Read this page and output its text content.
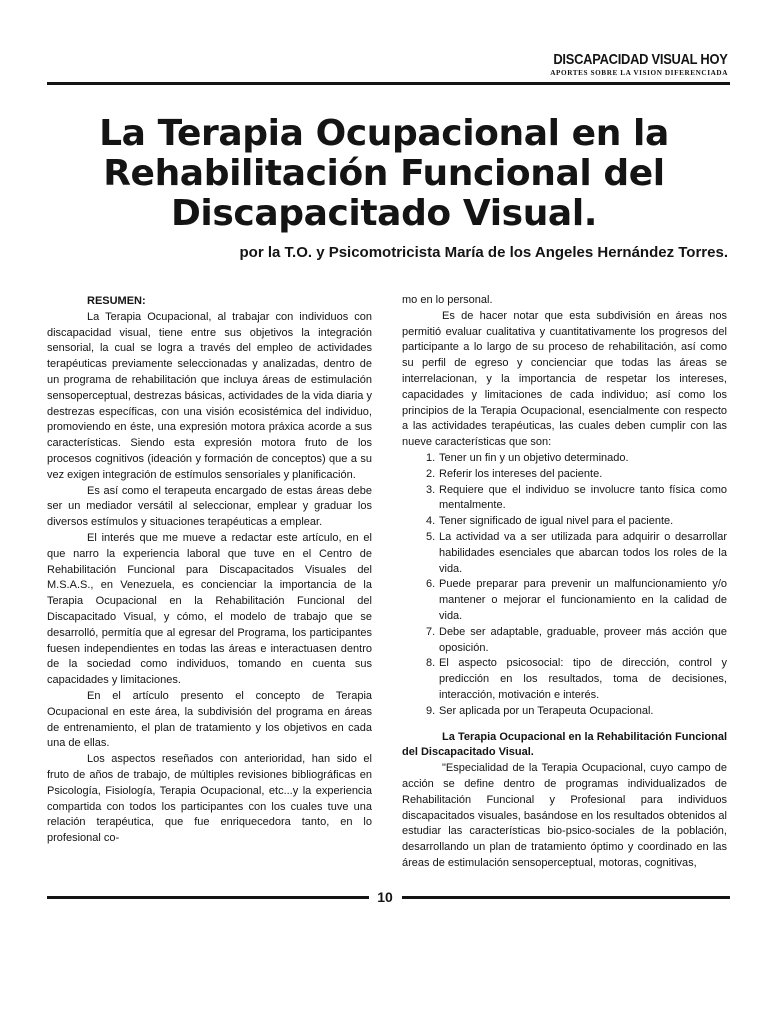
DISCAPACIDAD VISUAL HOY
APORTES SOBRE LA VISION DIFERENCIADA
La Terapia Ocupacional en la Rehabilitación Funcional del Discapacitado Visual.

por la T.O. y Psicomotricista María de los Angeles Hernández Torres.

RESUMEN:

La Terapia Ocupacional, al trabajar con individuos con discapacidad visual, tiene entre sus objetivos la integración sensorial, la cual se logra a través del empleo de actividades terapéuticas previamente seleccionadas y analizadas, dentro de un programa de rehabilitación que incluya áreas de estimulación sensoperceptual, destrezas básicas, actividades de la vida diaria y destrezas específicas, con una visión ecosistémica del individuo, promoviendo en éste, una expresión motora práxica acorde a sus características. Siendo esta expresión motora fruto de los procesos cognitivos (ideación y formación de conceptos) que a su vez exigen integración de estímulos sensoriales y planificación.

Es así como el terapeuta encargado de estas áreas debe ser un mediador versátil al seleccionar, emplear y graduar los diversos estímulos y situaciones terapéuticas a emplear.

El interés que me mueve a redactar este artículo, en el que narro la experiencia laboral que tuve en el Centro de Rehabilitación Funcional para Discapacitados Visuales del M.S.A.S., en Venezuela, es concienciar la importancia de la Terapia Ocupacional en la Rehabilitación Funcional del Discapacitado Visual, y cómo, el modelo de trabajo que se desarrolló, permitía que al egresar del Programa, los participantes fuesen independientes en todas las áreas e interactuasen dentro de la sociedad como individuos, tomando en cuenta sus capacidades y limitaciones.

En el artículo presento el concepto de Terapia Ocupacional en este área, la subdivisión del programa en áreas de entrenamiento, el plan de tratamiento y los objetivos en cada una de ellas.

Los aspectos reseñados con anterioridad, han sido el fruto de años de trabajo, de múltiples revisiones bibliográficas en Psicología, Fisiología, Terapia Ocupacional, etc...y la experiencia compartida con todos los participantes con los cuales tuve una relación terapéutica, que fue enriquecedora tanto, en lo profesional co-

mo en lo personal.

Es de hacer notar que esta subdivisión en áreas nos permitió evaluar cualitativa y cuantitativamente los progresos del participante a lo largo de su proceso de rehabilitación, así como su perfil de egreso y concienciar que todas las áreas se interrelacionan, y la importancia de respetar los intereses, capacidades y limitaciones de cada individuo; así como los principios de la Terapia Ocupacional, esencialmente con respecto a las actividades terapéuticas, las cuales deben cumplir con las nueve características que son:

1. Tener un fin y un objetivo determinado.
2. Referir los intereses del paciente.
3. Requiere que el individuo se involucre tanto física como mentalmente.
4. Tener significado de igual nivel para el paciente.
5. La actividad va a ser utilizada para adquirir o desarrollar habilidades esenciales que abarcan todos los roles de la vida.
6. Puede preparar para prevenir un malfuncionamiento y/o mantener o mejorar el funcionamiento en la calidad de vida.
7. Debe ser adaptable, graduable, proveer más acción que oposición.
8. El aspecto psicosocial: tipo de dirección, control y predicción en los resultados, toma de decisiones, interacción, motivación e interés.
9. Ser aplicada por un Terapeuta Ocupacional.

La Terapia Ocupacional en la Rehabilitación Funcional del Discapacitado Visual.

"Especialidad de la Terapia Ocupacional, cuyo campo de acción se define dentro de programas individualizados de Rehabilitación Funcional y Profesional para individuos discapacitados visuales, basándose en los resultados obtenidos al estudiar las características bio-psico-sociales de la población, desarrollando un plan de tratamiento óptimo y coordinado en las áreas de estimulación sensoperceptual, motoras, cognitivas,

10
